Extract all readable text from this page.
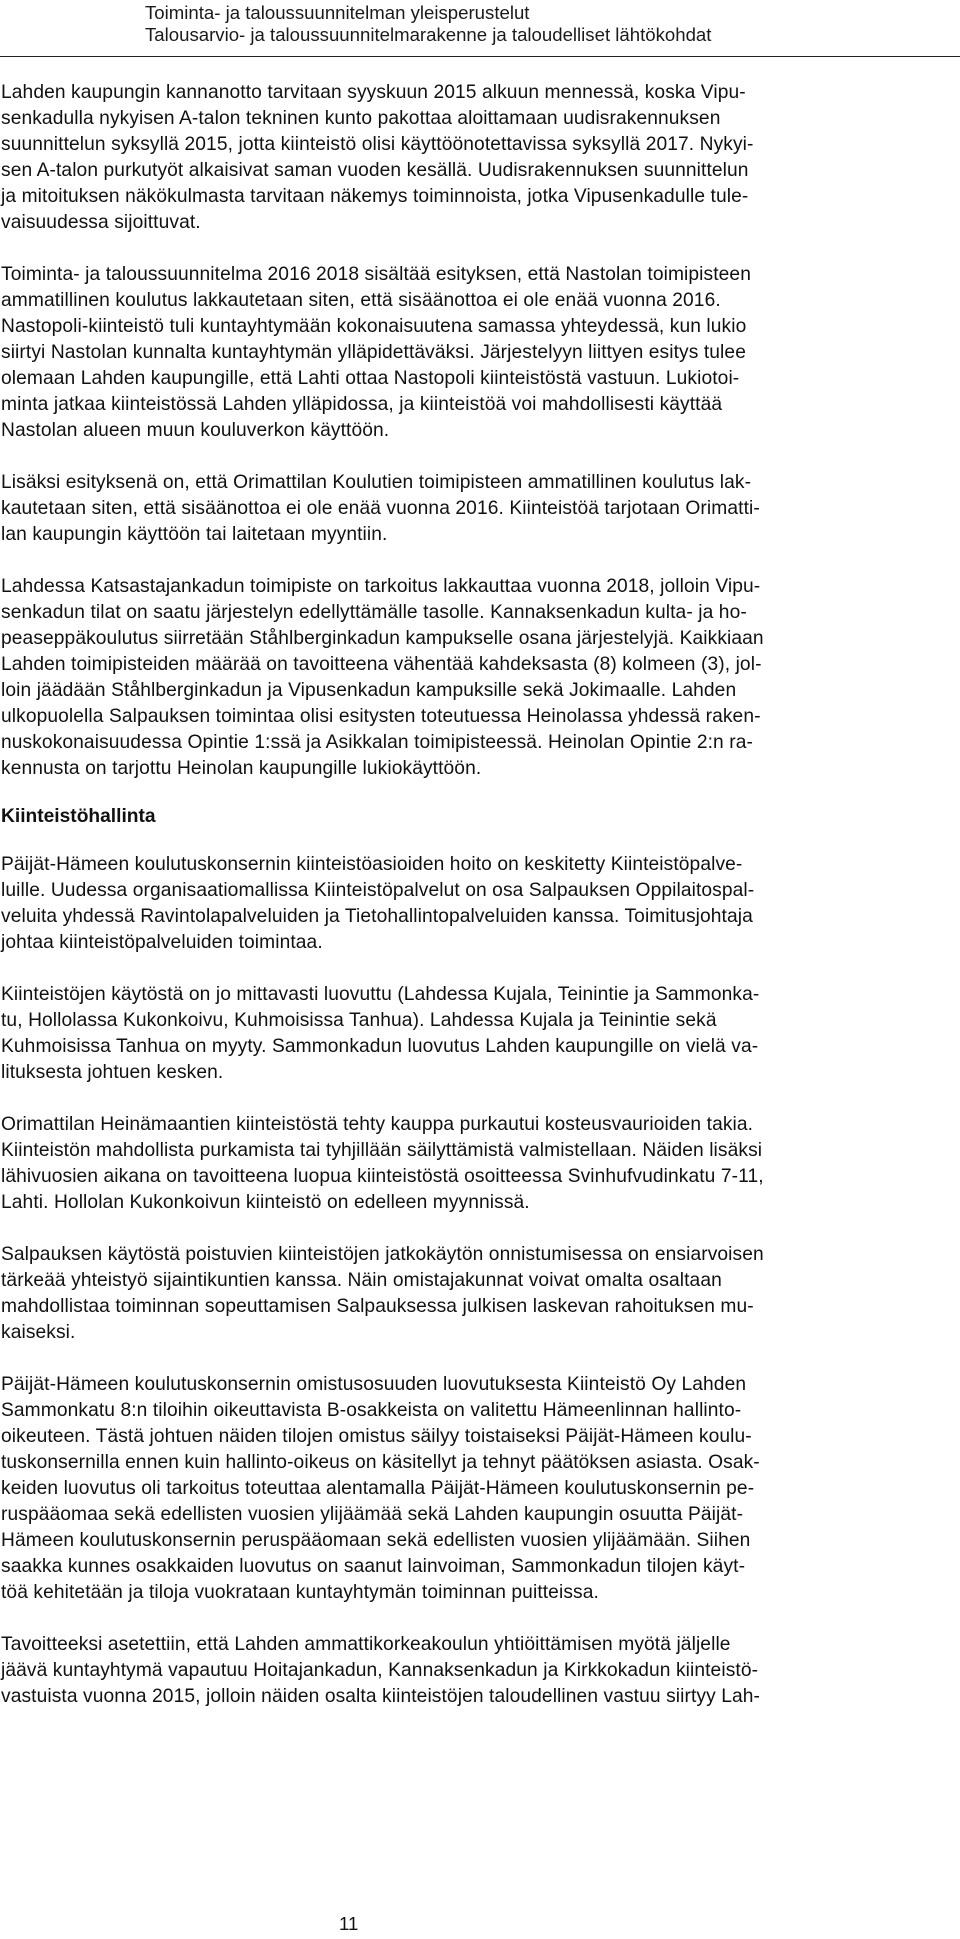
Toiminta- ja taloussuunnitelman yleisperustelut
Talousarvio- ja taloussuunnitelmarakenne ja taloudelliset lähtökohdat

Lahden kaupungin kannanotto tarvitaan syyskuun 2015 alkuun mennessä, koska Vipu-
senkadulla nykyisen A-talon tekninen kunto pakottaa aloittamaan uudisrakennuksen
suunnittelun syksyllä 2015, jotta kiinteistö olisi käyttöönotettavissa syksyllä 2017. Nykyi-
sen A-talon purkutyöt alkaisivat saman vuoden kesällä. Uudisrakennuksen suunnittelun
ja mitoituksen näkökulmasta tarvitaan näkemys toiminnoista, jotka Vipusenkadulle tule-
vaisuudessa sijoittuvat.

Toiminta- ja taloussuunnitelma 2016 2018 sisältää esityksen, että Nastolan toimipisteen
ammatillinen koulutus lakkautetaan siten, että sisäänottoa ei ole enää vuonna 2016.
Nastopoli-kiinteistö tuli kuntayhtymään kokonaisuutena samassa yhteydessä, kun lukio
siirtyi Nastolan kunnalta kuntayhtymän ylläpidettäväksi. Järjestelyyn liittyen esitys tulee
olemaan Lahden kaupungille, että Lahti ottaa Nastopoli kiinteistöstä vastuun. Lukiotoi-
minta jatkaa kiinteistössä Lahden ylläpidossa, ja kiinteistöä voi mahdollisesti käyttää
Nastolan alueen muun kouluverkon käyttöön.

Lisäksi esityksenä on, että Orimattilan Koulutien toimipisteen ammatillinen koulutus lak-
kautetaan siten, että sisäänottoa ei ole enää vuonna 2016. Kiinteistöä tarjotaan Orimatti-
lan kaupungin käyttöön tai laitetaan myyntiin.

Lahdessa Katsastajankadun toimipiste on tarkoitus lakkauttaa vuonna 2018, jolloin Vipu-
senkadun tilat on saatu järjestelyn edellyttämälle tasolle. Kannaksenkadun kulta- ja ho-
peaseppäkoulutus siirretään Ståhlberginkadun kampukselle osana järjestelyjä. Kaikkiaan
Lahden toimipisteiden määrää on tavoitteena vähentää kahdeksasta (8) kolmeen (3), jol-
loin jäädään Ståhlberginkadun ja Vipusenkadun kampuksille sekä Jokimaalle. Lahden
ulkopuolella Salpauksen toimintaa olisi esitysten toteutuessa Heinolassa yhdessä raken-
nuskokonaisuudessa Opintie 1:ssä ja Asikkalan toimipisteessä. Heinolan Opintie 2:n ra-
kennusta on tarjottu Heinolan kaupungille lukiokäyttöön.

Kiinteistöhallinta

Päijät-Hämeen koulutuskonsernin kiinteistöasioiden hoito on keskitetty Kiinteistöpalve-
luille. Uudessa organisaatiomallissa Kiinteistöpalvelut on osa Salpauksen Oppilaitospal-
veluita yhdessä Ravintolapalveluiden ja Tietohallintopalveluiden kanssa. Toimitusjohtaja
johtaa kiinteistöpalveluiden toimintaa.

Kiinteistöjen käytöstä on jo mittavasti luovuttu (Lahdessa Kujala, Teinintie ja Sammonka-
tu, Hollolassa Kukonkoivu, Kuhmoisissa Tanhua). Lahdessa Kujala ja Teinintie sekä
Kuhmoisissa Tanhua on myyty. Sammonkadun luovutus Lahden kaupungille on vielä va-
lituksesta johtuen kesken.

Orimattilan Heinämaantien kiinteistöstä tehty kauppa purkautui kosteusvaurioiden takia.
Kiinteistön mahdollista purkamista tai tyhjillään säilyttämistä valmistellaan. Näiden lisäksi
lähivuosien aikana on tavoitteena luopua kiinteistöstä osoitteessa Svinhufvudinkatu 7-11,
Lahti. Hollolan Kukonkoivun kiinteistö on edelleen myynnissä.

Salpauksen käytöstä poistuvien kiinteistöjen jatkokäytön onnistumisessa on ensiarvoisen
tärkeää yhteistyö sijaintikuntien kanssa. Näin omistajakunnat voivat omalta osaltaan
mahdollistaa toiminnan sopeuttamisen Salpauksessa julkisen laskevan rahoituksen mu-
kaiseksi.

Päijät-Hämeen koulutuskonsernin omistusosuuden luovutuksesta Kiinteistö Oy Lahden
Sammonkatu 8:n tiloihin oikeuttavista B-osakkeista on valitettu Hämeenlinnan hallinto-
oikeuteen. Tästä johtuen näiden tilojen omistus säilyy toistaiseksi Päijät-Hämeen koulu-
tuskonsernilla ennen kuin hallinto-oikeus on käsitellyt ja tehnyt päätöksen asiasta. Osak-
keiden luovutus oli tarkoitus toteuttaa alentamalla Päijät-Hämeen koulutuskonsernin pe-
ruspääomaa sekä edellisten vuosien ylijäämää sekä Lahden kaupungin osuutta Päijät-
Hämeen koulutuskonsernin peruspääomaan sekä edellisten vuosien ylijäämään. Siihen
saakka kunnes osakkaiden luovutus on saanut lainvoiman, Sammonkadun tilojen käyt-
töä kehitetään ja tiloja vuokrataan kuntayhtymän toiminnan puitteissa.

Tavoitteeksi asetettiin, että Lahden ammattikorkeakoulun yhtiöittämisen myötä jäljelle
jäävä kuntayhtymä vapautuu Hoitajankadun, Kannaksenkadun ja Kirkkokadun kiinteistö-
vastuista vuonna 2015, jolloin näiden osalta kiinteistöjen taloudellinen vastuu siirtyy Lah-

11
